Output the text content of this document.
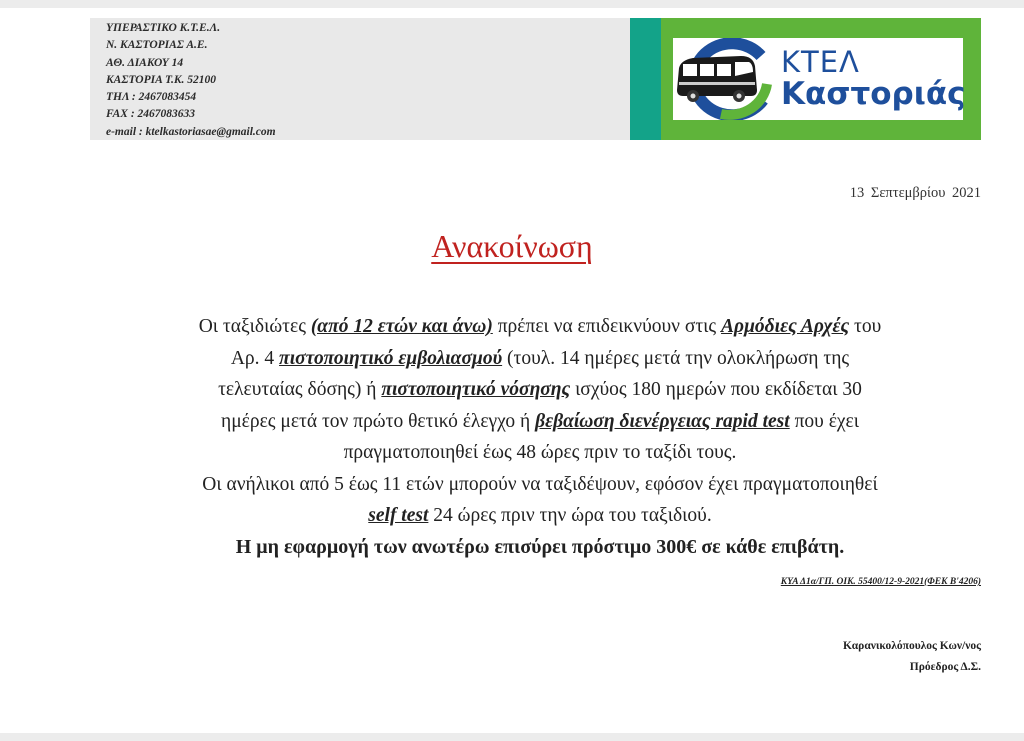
ΥΠΕΡΑΣΤΙΚΟ Κ.Τ.Ε.Λ.
Ν. ΚΑΣΤΟΡΙΑΣ Α.Ε.
ΑΘ. ΔΙΑΚΟΥ 14
ΚΑΣΤΟΡΙΑ Τ.Κ. 52100
ΤΗΛ : 2467083454
FAX : 2467083633
e-mail : ktelkastoriasae@gmail.com
ΚΤΕΛ
Καστοριάς
13 Σεπτεμβρίου 2021
Ανακοίνωση
Οι ταξιδιώτες (από 12 ετών και άνω) πρέπει να επιδεικνύουν στις Αρμόδιες Αρχές του
Αρ. 4 πιστοποιητικό εμβολιασμού (τουλ. 14 ημέρες μετά την ολοκλήρωση της
τελευταίας δόσης) ή πιστοποιητικό νόσησης ισχύος 180 ημερών που εκδίδεται 30
ημέρες μετά τον πρώτο θετικό έλεγχο ή βεβαίωση διενέργειας rapid test που έχει
πραγματοποιηθεί έως 48 ώρες πριν το ταξίδι τους.
Οι ανήλικοι από 5 έως 11 ετών μπορούν να ταξιδέψουν, εφόσον έχει πραγματοποιηθεί
self test 24 ώρες πριν την ώρα του ταξιδιού.
Η μη εφαρμογή των ανωτέρω επισύρει πρόστιμο 300€ σε κάθε επιβάτη.
ΚΥΑ Δ1α/ΓΠ. ΟΙΚ. 55400/12-9-2021(ΦΕΚ Β'4206)
Καρανικολόπουλος Κων/νος
Πρόεδρος Δ.Σ.
